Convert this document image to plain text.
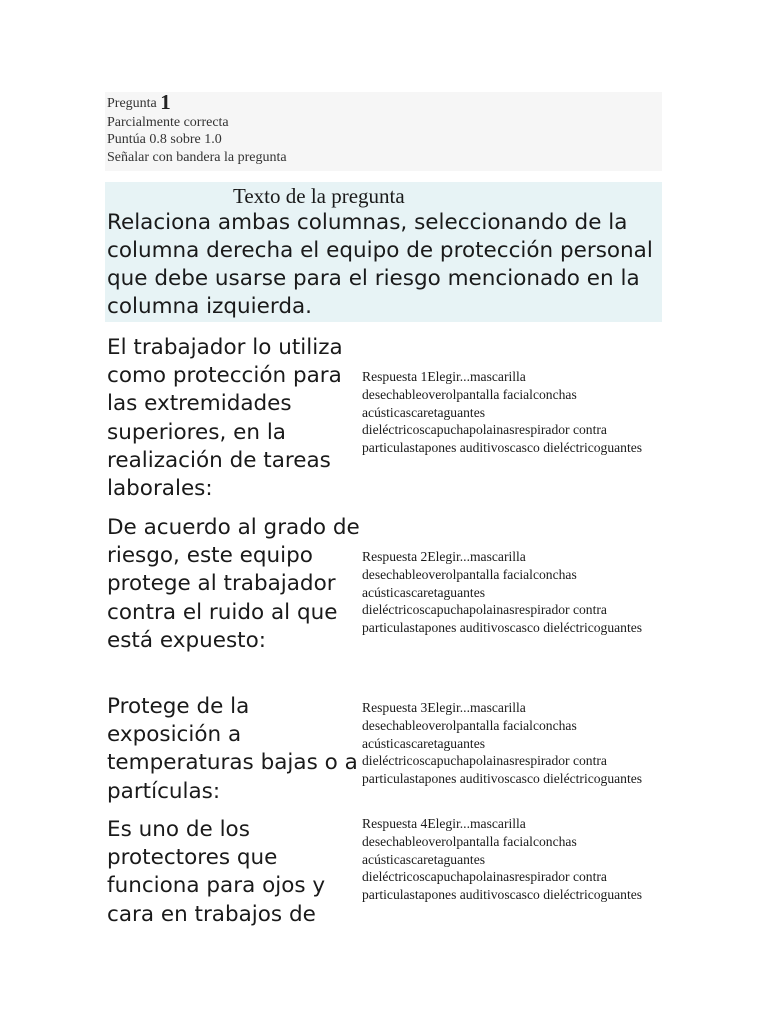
Pregunta 1
Parcialmente correcta
Puntúa 0.8 sobre 1.0
Señalar con bandera la pregunta
Texto de la pregunta
Relaciona ambas columnas, seleccionando de la columna derecha el equipo de protección personal que debe usarse para el riesgo mencionado en la columna izquierda.
El trabajador lo utiliza como protección para las extremidades superiores, en la realización de tareas laborales:
Respuesta 1Elegir...mascarilla desechableoverolpantalla facialconchas acústicascaretaguantes dieléctricoscapuchapolainasrespirador contra particulastapones auditivoscasco dieléctricoguantes
De acuerdo al grado de riesgo, este equipo protege al trabajador contra el ruido al que está expuesto:
Respuesta 2Elegir...mascarilla desechableoverolpantalla facialconchas acústicascaretaguantes dieléctricoscapuchapolainasrespirador contra particulastapones auditivoscasco dieléctricoguantes
Protege de la exposición a temperaturas bajas o a partículas:
Respuesta 3Elegir...mascarilla desechableoverolpantalla facialconchas acústicascaretaguantes dieléctricoscapuchapolainasrespirador contra particulastapones auditivoscasco dieléctricoguantes
Es uno de los protectores que funciona para ojos y cara en trabajos de
Respuesta 4Elegir...mascarilla desechableoverolpantalla facialconchas acústicascaretaguantes dieléctricoscapuchapolainasrespirador contra particulastapones auditivoscasco dieléctricoguantes
